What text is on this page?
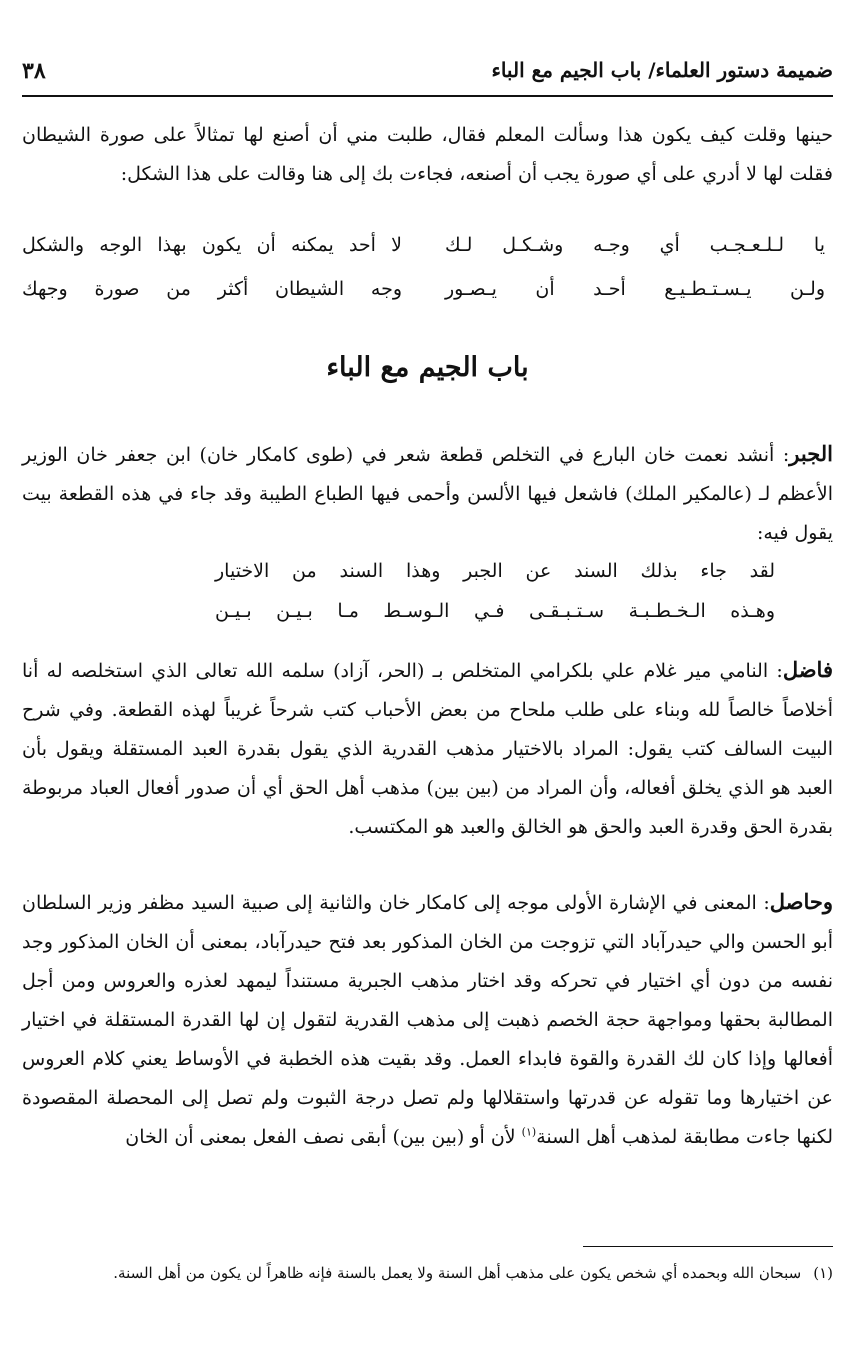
ضميمة دستور العلماء/ باب الجيم مع الباء
٣٨

حينها وقلت كيف يكون هذا وسألت المعلم فقال، طلبت مني أن أصنع لها تمثالاً على صورة الشيطان فقلت لها لا أدري على أي صورة يجب أن أصنعه، فجاءت بك إلى هنا وقالت على هذا الشكل:

يا لـلـعـجـب أي وجـه وشـكـل لـك
لا أحد يمكنه أن يكون بهذا الوجه والشكل
ولـن يـسـتـطـيـع أحـد أن يـصـور
وجه الشيطان أكثر من صورة وجهك
باب الجيم مع الباء

الجبر: أنشد نعمت خان البارع في التخلص قطعة شعر في (طوى كامكار خان) ابن جعفر خان الوزير الأعظم لـ (عالمكير الملك) فاشعل فيها الألسن وأحمى فيها الطباع الطيبة وقد جاء في هذه القطعة بيت يقول فيه:

لقد جاء بذلك السند عن الجبر وهذا السند من الاختيار
وهـذه الـخـطـبـة سـتـبـقـى فـي الـوسـط مـا بـيـن بـيـن

فاضل: النامي مير غلام علي بلكرامي المتخلص بـ (الحر، آزاد) سلمه الله تعالى الذي استخلصه له أنا أخلاصاً خالصاً لله وبناء على طلب ملحاح من بعض الأحباب كتب شرحاً غريباً لهذه القطعة. وفي شرح البيت السالف كتب يقول: المراد بالاختيار مذهب القدرية الذي يقول بقدرة العبد المستقلة ويقول بأن العبد هو الذي يخلق أفعاله، وأن المراد من (بين بين) مذهب أهل الحق أي أن صدور أفعال العباد مربوطة بقدرة الحق وقدرة العبد والحق هو الخالق والعبد هو المكتسب.

وحاصل: المعنى في الإشارة الأولى موجه إلى كامكار خان والثانية إلى صبية السيد مظفر وزير السلطان أبو الحسن والي حيدرآباد التي تزوجت من الخان المذكور بعد فتح حيدرآباد، بمعنى أن الخان المذكور وجد نفسه من دون أي اختيار في تحركه وقد اختار مذهب الجبرية مستنداً ليمهد لعذره والعروس ومن أجل المطالبة بحقها ومواجهة حجة الخصم ذهبت إلى مذهب القدرية لتقول إن لها القدرة المستقلة في اختيار أفعالها وإذا كان لك القدرة والقوة فابداء العمل. وقد بقيت هذه الخطبة في الأوساط يعني كلام العروس عن اختيارها وما تقوله عن قدرتها واستقلالها ولم تصل درجة الثبوت ولم تصل إلى المحصلة المقصودة لكنها جاءت مطابقة لمذهب أهل السنة$^{(١)}$ لأن أو (بين بين) أبقى نصف الفعل بمعنى أن الخان

(١)سبحان الله وبحمده أي شخص يكون على مذهب أهل السنة ولا يعمل بالسنة فإنه ظاهراً لن يكون من أهل السنة.
